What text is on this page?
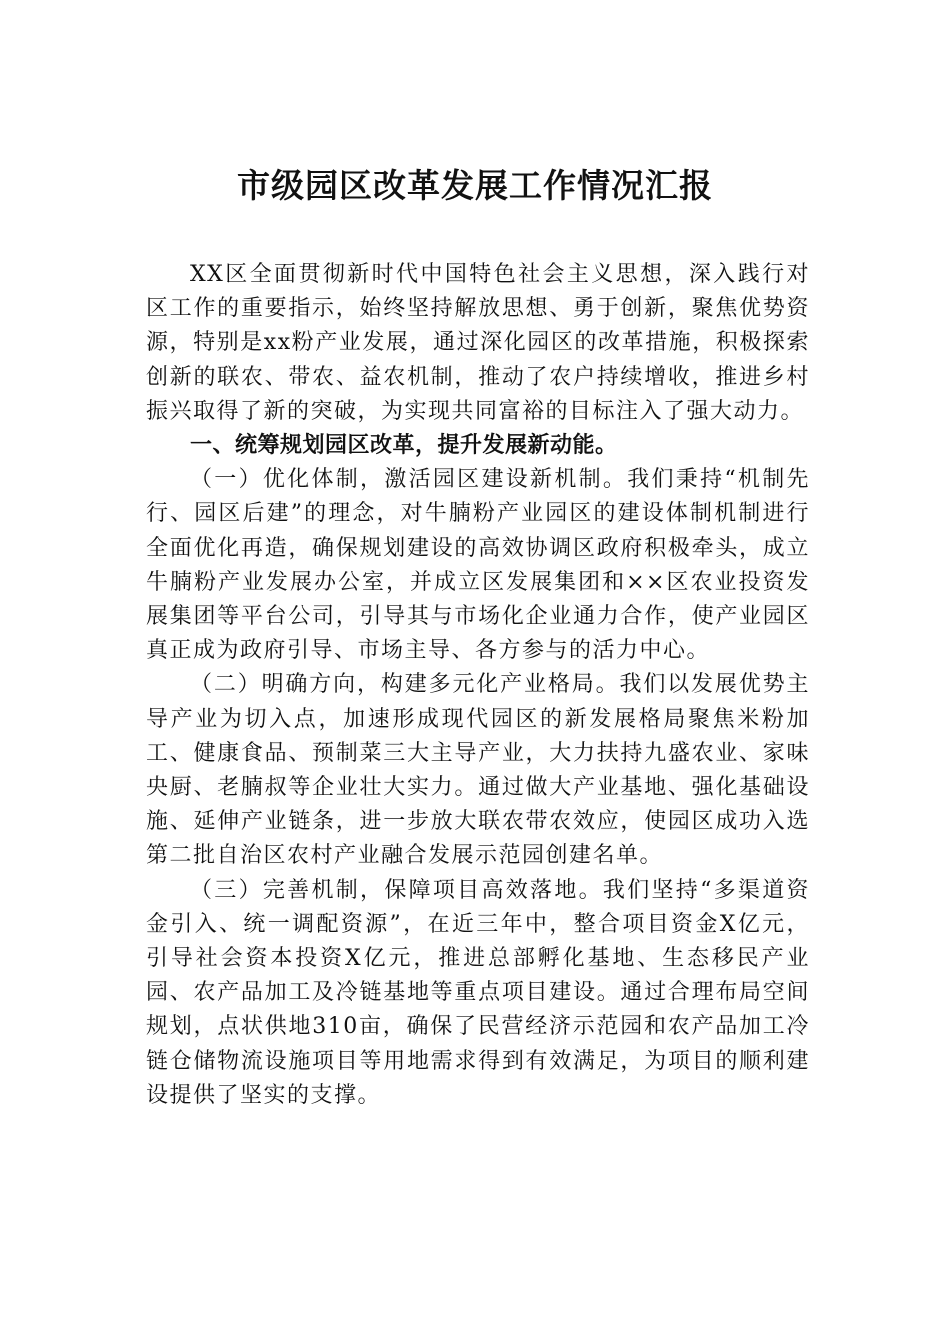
市级园区改革发展工作情况汇报

XX区全面贯彻新时代中国特色社会主义思想，深入践行对区工作的重要指示，始终坚持解放思想、勇于创新，聚焦优势资源，特别是xx粉产业发展，通过深化园区的改革措施，积极探索创新的联农、带农、益农机制，推动了农户持续增收，推进乡村振兴取得了新的突破，为实现共同富裕的目标注入了强大动力。

一、统筹规划园区改革，提升发展新动能。

（一）优化体制，激活园区建设新机制。我们秉持“机制先行、园区后建”的理念，对牛腩粉产业园区的建设体制机制进行全面优化再造，确保规划建设的高效协调区政府积极牵头，成立牛腩粉产业发展办公室，并成立区发展集团和××区农业投资发展集团等平台公司，引导其与市场化企业通力合作，使产业园区真正成为政府引导、市场主导、各方参与的活力中心。

（二）明确方向，构建多元化产业格局。我们以发展优势主导产业为切入点，加速形成现代园区的新发展格局聚焦米粉加工、健康食品、预制菜三大主导产业，大力扶持九盛农业、家味央厨、老腩叔等企业壮大实力。通过做大产业基地、强化基础设施、延伸产业链条，进一步放大联农带农效应，使园区成功入选第二批自治区农村产业融合发展示范园创建名单。

（三）完善机制，保障项目高效落地。我们坚持“多渠道资金引入、统一调配资源”，在近三年中，整合项目资金X亿元，引导社会资本投资X亿元，推进总部孵化基地、生态移民产业园、农产品加工及冷链基地等重点项目建设。通过合理布局空间规划，点状供地310亩，确保了民营经济示范园和农产品加工冷链仓储物流设施项目等用地需求得到有效满足，为项目的顺利建设提供了坚实的支撑。
